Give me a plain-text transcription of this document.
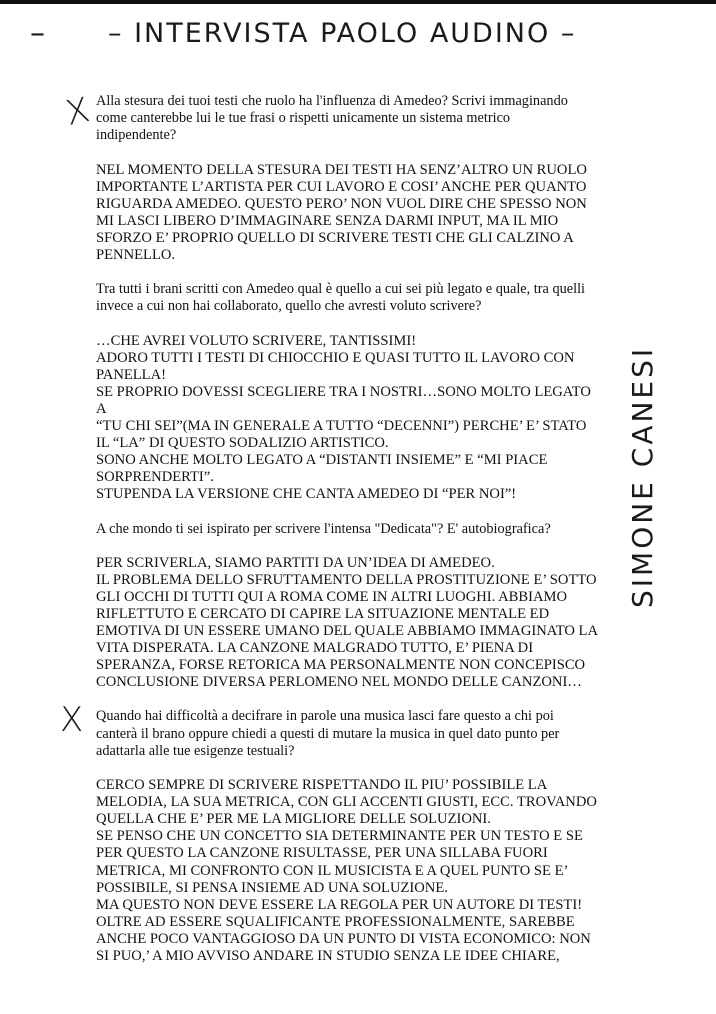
– – INTERVISTA PAOLO AUDINO –
X
X
SIMONE CANESI
Alla stesura dei tuoi testi che ruolo ha l'influenza di Amedeo? Scrivi immaginando
come canterebbe lui le tue frasi o rispetti unicamente un sistema metrico
indipendente?
NEL MOMENTO DELLA STESURA DEI TESTI HA SENZ’ALTRO UN RUOLO
IMPORTANTE L’ARTISTA PER CUI LAVORO E COSI’ ANCHE PER QUANTO
RIGUARDA AMEDEO. QUESTO PERO’ NON VUOL DIRE CHE SPESSO NON
MI LASCI LIBERO D’IMMAGINARE SENZA DARMI INPUT, MA IL MIO
SFORZO E’ PROPRIO QUELLO DI SCRIVERE TESTI CHE GLI CALZINO A
PENNELLO.
Tra tutti i brani scritti con Amedeo qual è quello a cui sei più legato e quale, tra quelli
invece a cui non hai collaborato, quello che avresti voluto scrivere?
…CHE AVREI VOLUTO SCRIVERE, TANTISSIMI!
ADORO TUTTI I TESTI DI CHIOCCHIO E QUASI TUTTO IL LAVORO CON
PANELLA!
SE PROPRIO DOVESSI SCEGLIERE TRA I NOSTRI…SONO MOLTO LEGATO
A
“TU CHI SEI”(MA IN GENERALE A TUTTO “DECENNI”) PERCHE’ E’ STATO
IL “LA” DI QUESTO SODALIZIO ARTISTICO.
SONO ANCHE MOLTO LEGATO A “DISTANTI INSIEME” E “MI PIACE
SORPRENDERTI”.
STUPENDA LA VERSIONE CHE CANTA AMEDEO DI “PER NOI”!
A che mondo ti sei ispirato per scrivere l'intensa "Dedicata"? E' autobiografica?
PER SCRIVERLA, SIAMO PARTITI DA UN’IDEA DI AMEDEO.
IL PROBLEMA DELLO SFRUTTAMENTO DELLA PROSTITUZIONE E’ SOTTO
GLI OCCHI DI TUTTI QUI A ROMA COME IN ALTRI LUOGHI. ABBIAMO
RIFLETTUTO E CERCATO DI CAPIRE LA SITUAZIONE MENTALE ED
EMOTIVA DI UN ESSERE UMANO DEL QUALE ABBIAMO IMMAGINATO LA
VITA DISPERATA. LA CANZONE MALGRADO TUTTO, E’ PIENA DI
SPERANZA, FORSE RETORICA MA PERSONALMENTE NON CONCEPISCO
CONCLUSIONE DIVERSA PERLOMENO NEL MONDO DELLE CANZONI…
Quando hai difficoltà a decifrare in parole una musica lasci fare questo a chi poi
canterà il brano oppure chiedi a questi di mutare la musica in quel dato punto per
adattarla alle tue esigenze testuali?
CERCO SEMPRE DI SCRIVERE RISPETTANDO IL PIU’ POSSIBILE LA
MELODIA, LA SUA METRICA, CON GLI ACCENTI GIUSTI, ECC. TROVANDO
QUELLA CHE E’ PER ME LA MIGLIORE DELLE SOLUZIONI.
SE PENSO CHE UN CONCETTO SIA DETERMINANTE PER UN TESTO E SE
PER QUESTO LA CANZONE RISULTASSE, PER UNA SILLABA FUORI
METRICA, MI CONFRONTO CON IL MUSICISTA E A QUEL PUNTO SE E’
POSSIBILE, SI PENSA INSIEME AD UNA SOLUZIONE.
MA QUESTO NON DEVE ESSERE LA REGOLA PER UN AUTORE DI TESTI!
OLTRE AD ESSERE SQUALIFICANTE PROFESSIONALMENTE, SAREBBE
ANCHE POCO VANTAGGIOSO DA UN PUNTO DI VISTA ECONOMICO: NON
SI PUO,’ A MIO AVVISO ANDARE IN STUDIO SENZA LE IDEE CHIARE,
